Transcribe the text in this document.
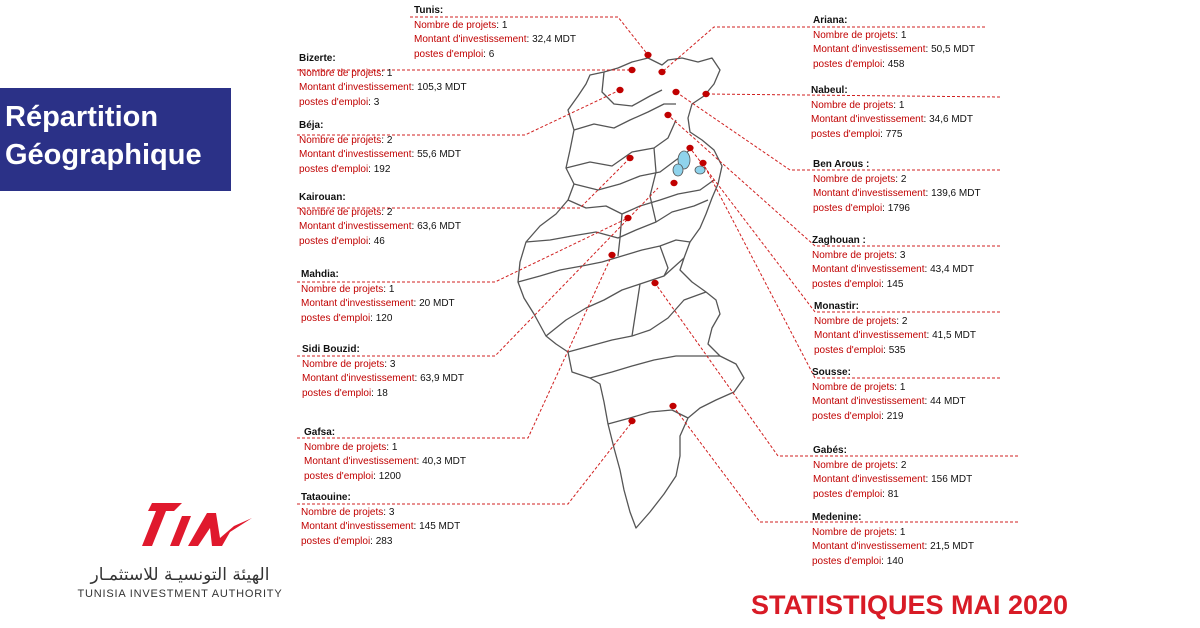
Répartition
Géographique
Tunis:
Nombre de projets: 1
Montant d'investissement: 32,4 MDT
postes d'emploi: 6
Bizerte:
Nombre de projets: 1
Montant d'investissement: 105,3 MDT
postes d'emploi: 3
Béja:
Nombre de projets: 2
Montant d'investissement: 55,6 MDT
postes d'emploi: 192
Kairouan:
Nombre de projets: 2
Montant d'investissement: 63,6 MDT
postes d'emploi: 46
Mahdia:
Nombre de projets: 1
Montant d'investissement: 20 MDT
postes d'emploi: 120
Sidi Bouzid:
Nombre de projets: 3
Montant d'investissement: 63,9 MDT
postes d'emploi: 18
Gafsa:
Nombre de projets: 1
Montant d'investissement: 40,3 MDT
postes d'emploi: 1200
Tataouine:
Nombre de projets: 3
Montant d'investissement: 145 MDT
postes d'emploi: 283
Ariana:
Nombre de projets: 1
Montant d'investissement: 50,5 MDT
postes d'emploi: 458
Nabeul:
Nombre de projets: 1
Montant d'investissement: 34,6 MDT
postes d'emploi: 775
Ben Arous :
Nombre de projets: 2
Montant d'investissement: 139,6 MDT
postes d'emploi: 1796
Zaghouan :
Nombre de projets: 3
Montant d'investissement: 43,4 MDT
postes d'emploi: 145
Monastir:
Nombre de projets: 2
Montant d'investissement: 41,5 MDT
postes d'emploi: 535
Sousse:
Nombre de projets: 1
Montant d'investissement: 44 MDT
postes d'emploi: 219
Gabés:
Nombre de projets: 2
Montant d'investissement: 156 MDT
postes d'emploi: 81
Medenine:
Nombre de projets: 1
Montant d'investissement: 21,5 MDT
postes d'emploi: 140
الهيئة التونسيـة للاستثمـار
TUNISIA INVESTMENT AUTHORITY	STATISTIQUES MAI 2020
